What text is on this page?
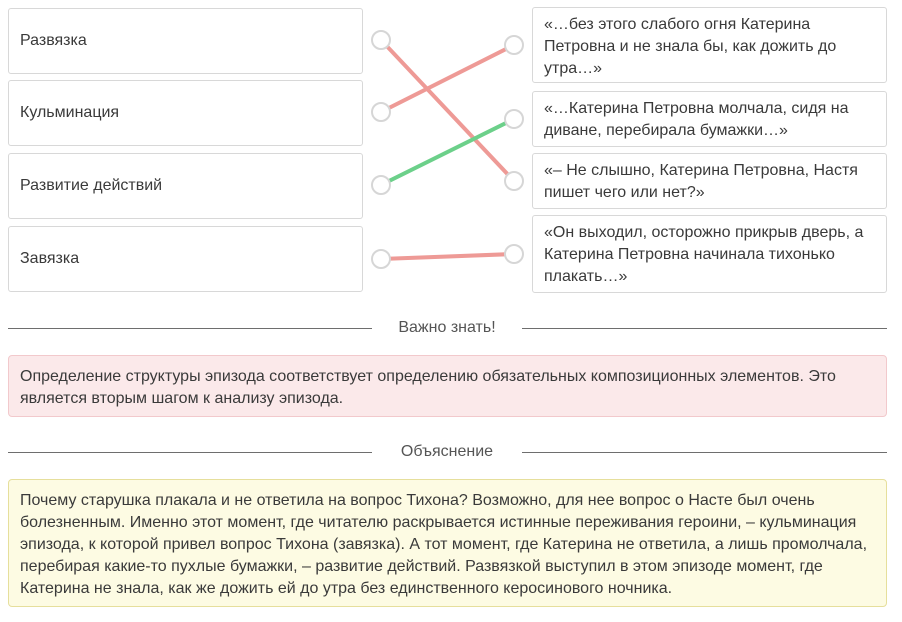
Развязка
Кульминация
Развитие действий
Завязка
«…без этого слабого огня Катерина Петровна и не знала бы, как дожить до утра…»
«…Катерина Петровна молчала, сидя на диване, перебирала бумажки…»
«– Не слышно, Катерина Петровна, Настя пишет чего или нет?»
«Он выходил, осторожно прикрыв дверь, а Катерина Петровна начинала тихонько плакать…»
Важно знать!
Определение структуры эпизода соответствует определению обязательных композиционных элементов. Это является вторым шагом к анализу эпизода.
Объяснение
Почему старушка плакала и не ответила на вопрос Тихона? Возможно, для нее вопрос о Насте был очень болезненным. Именно этот момент, где читателю раскрывается истинные переживания героини, – кульминация эпизода, к которой привел вопрос Тихона (завязка). А тот момент, где Катерина не ответила, а лишь промолчала, перебирая какие-то пухлые бумажки, – развитие действий. Развязкой выступил в этом эпизоде момент, где Катерина не знала, как же дожить ей до утра без единственного керосинового ночника.
